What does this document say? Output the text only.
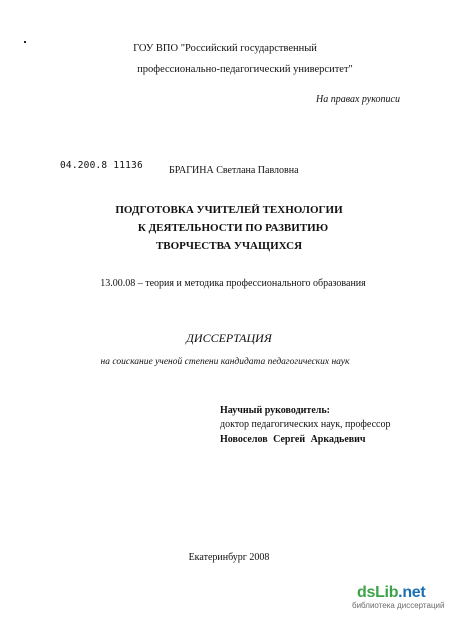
ГОУ ВПО "Российский государственный
профессионально-педагогический университет"
На правах рукописи
04.200.8 11136	БРАГИНА Светлана Павловна
ПОДГОТОВКА УЧИТЕЛЕЙ ТЕХНОЛОГИИ
К ДЕЯТЕЛЬНОСТИ ПО РАЗВИТИЮ
ТВОРЧЕСТВА УЧАЩИХСЯ
13.00.08 – теория и методика профессионального образования
ДИССЕРТАЦИЯ
на соискание ученой степени кандидата педагогических наук
Научный руководитель:
доктор педагогических наук, профессор
Новоселов Сергей Аркадьевич
Екатеринбург 2008
dsLib.net
библиотека диссертаций
